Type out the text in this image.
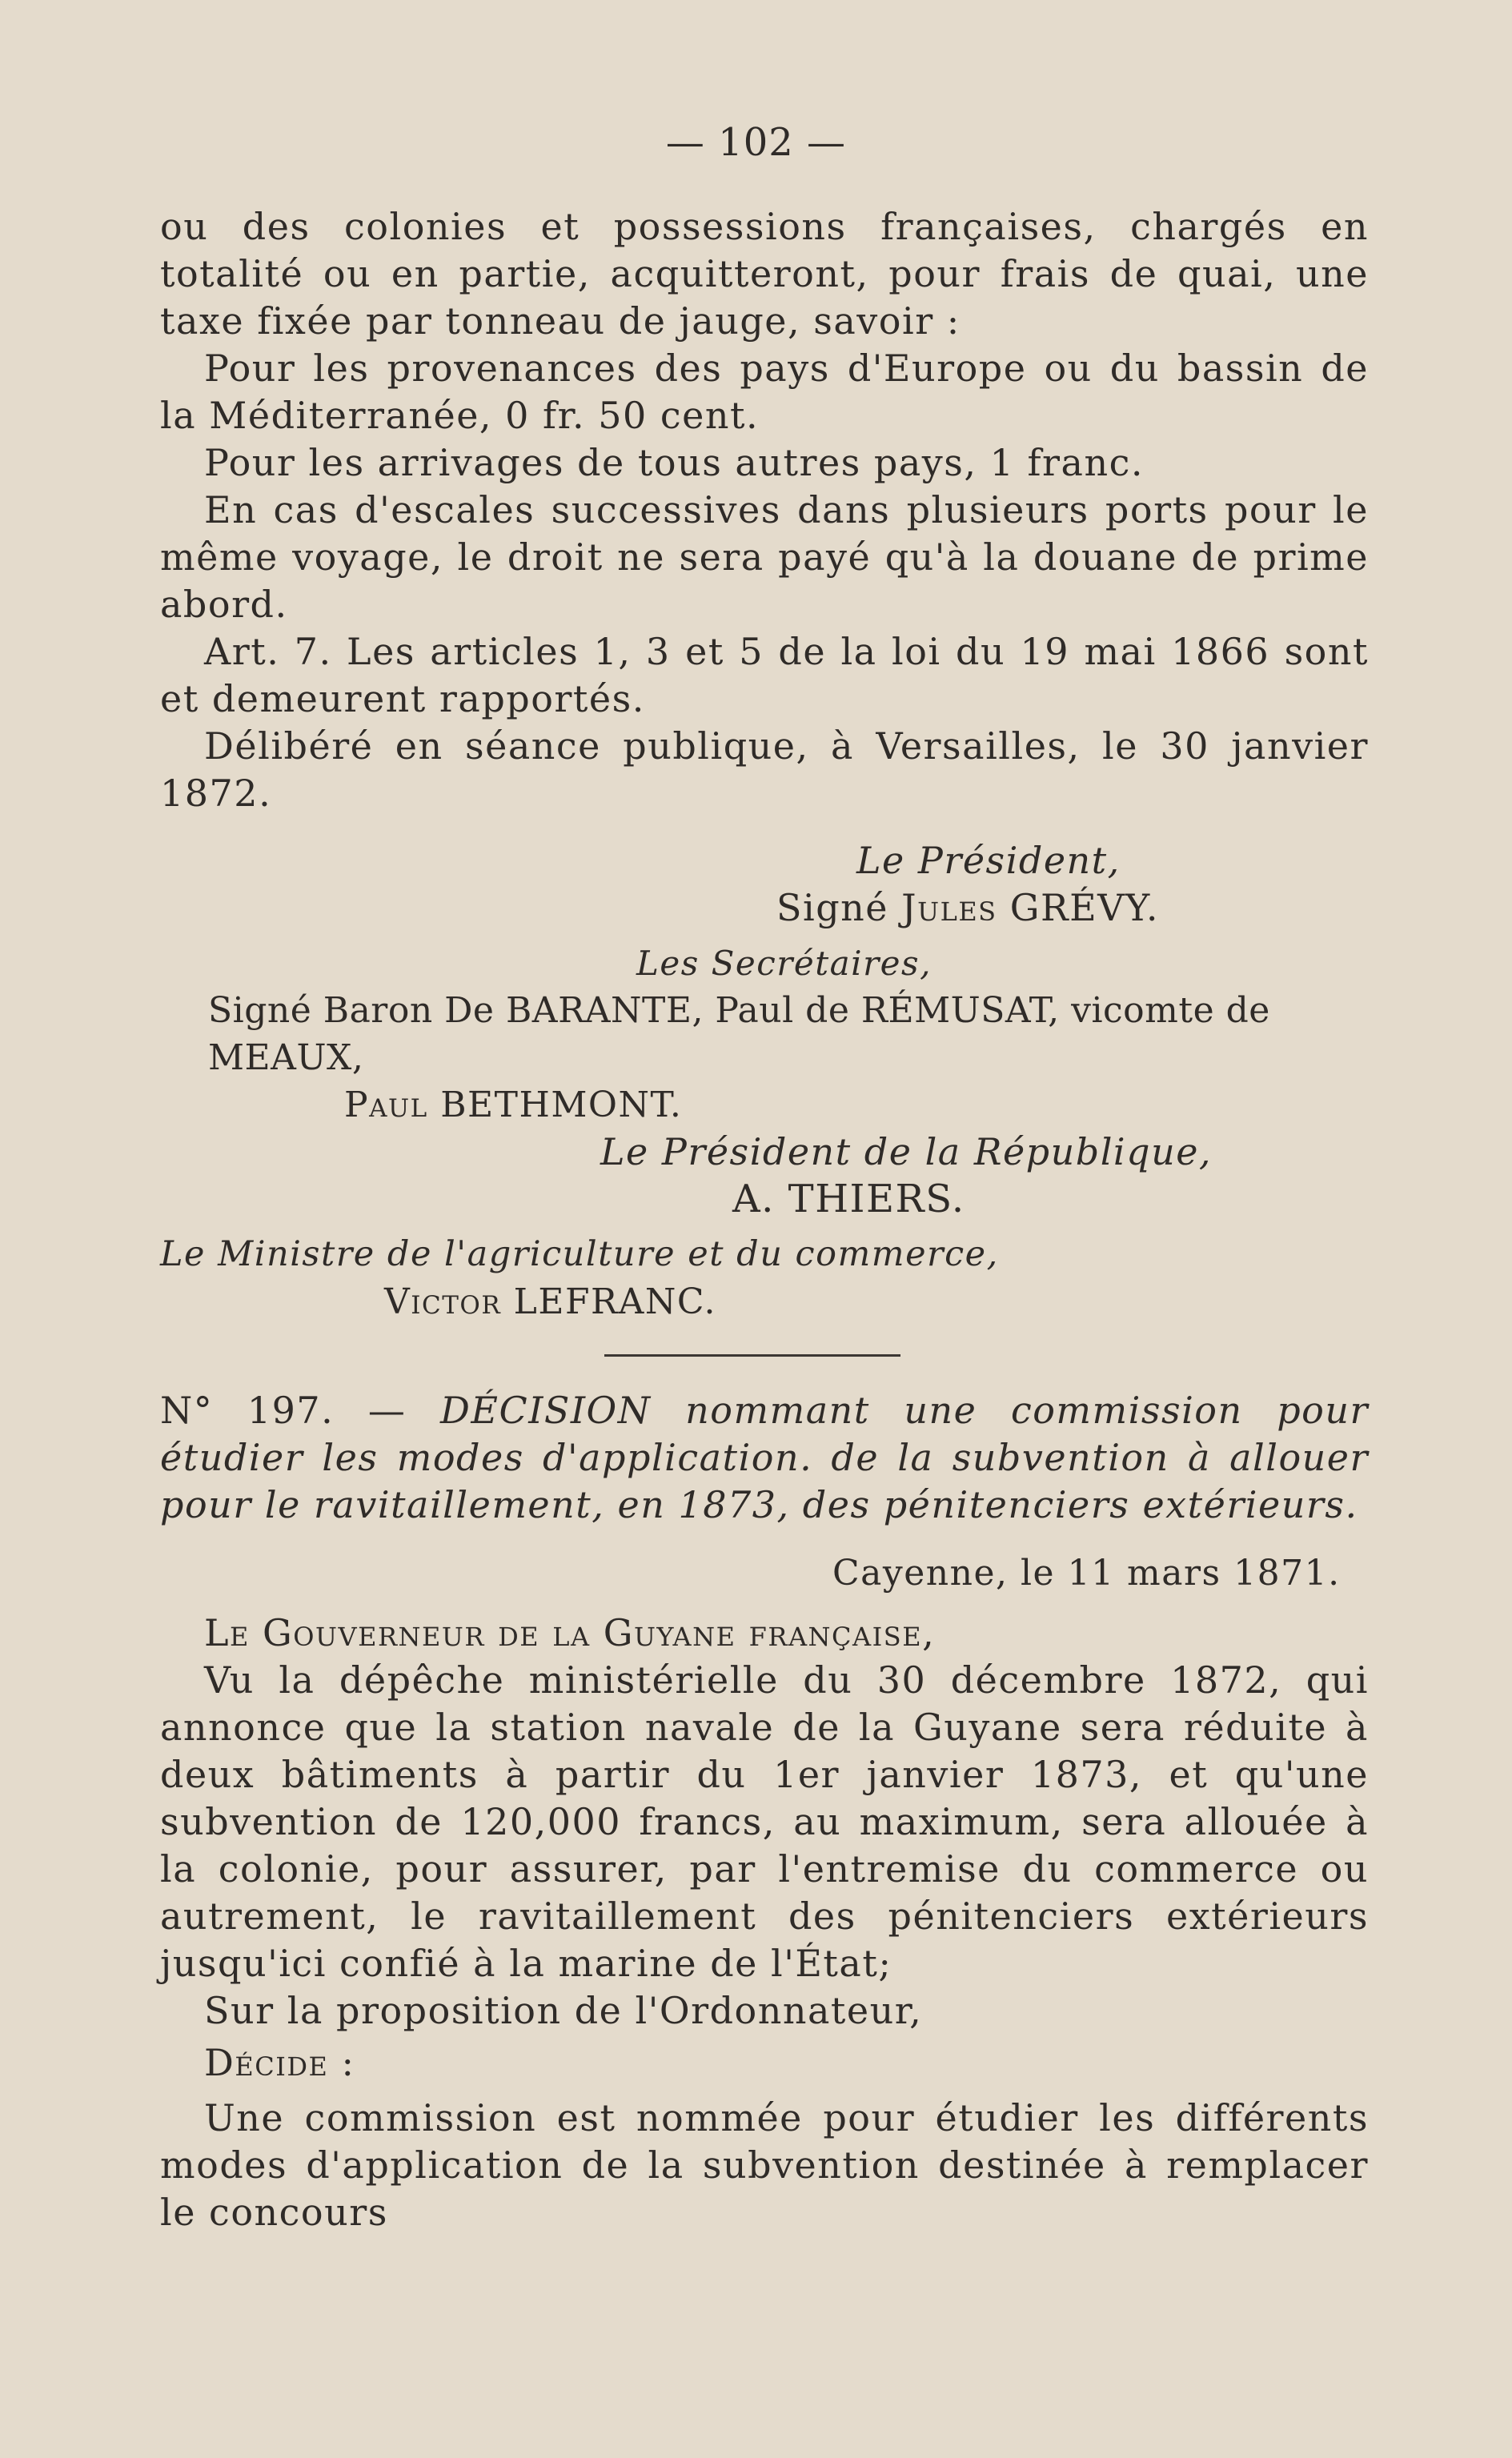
— 102 —

ou des colonies et possessions françaises, chargés en totalité ou en partie, acquitteront, pour frais de quai, une taxe fixée par tonneau de jauge, savoir :

Pour les provenances des pays d'Europe ou du bassin de la Méditerranée, 0 fr. 50 cent.

Pour les arrivages de tous autres pays, 1 franc.

En cas d'escales successives dans plusieurs ports pour le même voyage, le droit ne sera payé qu'à la douane de prime abord.

Art. 7. Les articles 1, 3 et 5 de la loi du 19 mai 1866 sont et demeurent rapportés.

Délibéré en séance publique, à Versailles, le 30 janvier 1872.

Le Président,
Signé Jules GRÉVY.
Les Secrétaires,
Signé Baron De BARANTE, Paul de RÉMUSAT, vicomte de MEAUX,
Paul BETHMONT.
Le Président de la République,
A. THIERS.
Le Ministre de l'agriculture et du commerce,
Victor LEFRANC.

N° 197. — DÉCISION nommant une commission pour étudier les modes d'application. de la subvention à allouer pour le ravitaillement, en 1873, des pénitenciers extérieurs.

Cayenne, le 11 mars 1871.

Le Gouverneur de la Guyane française,

Vu la dépêche ministérielle du 30 décembre 1872, qui annonce que la station navale de la Guyane sera réduite à deux bâtiments à partir du 1er janvier 1873, et qu'une subvention de 120,000 francs, au maximum, sera allouée à la colonie, pour assurer, par l'entremise du commerce ou autrement, le ravitaillement des pénitenciers extérieurs jusqu'ici confié à la marine de l'État;

Sur la proposition de l'Ordonnateur,

Décide :

Une commission est nommée pour étudier les différents modes d'application de la subvention destinée à remplacer le concours
